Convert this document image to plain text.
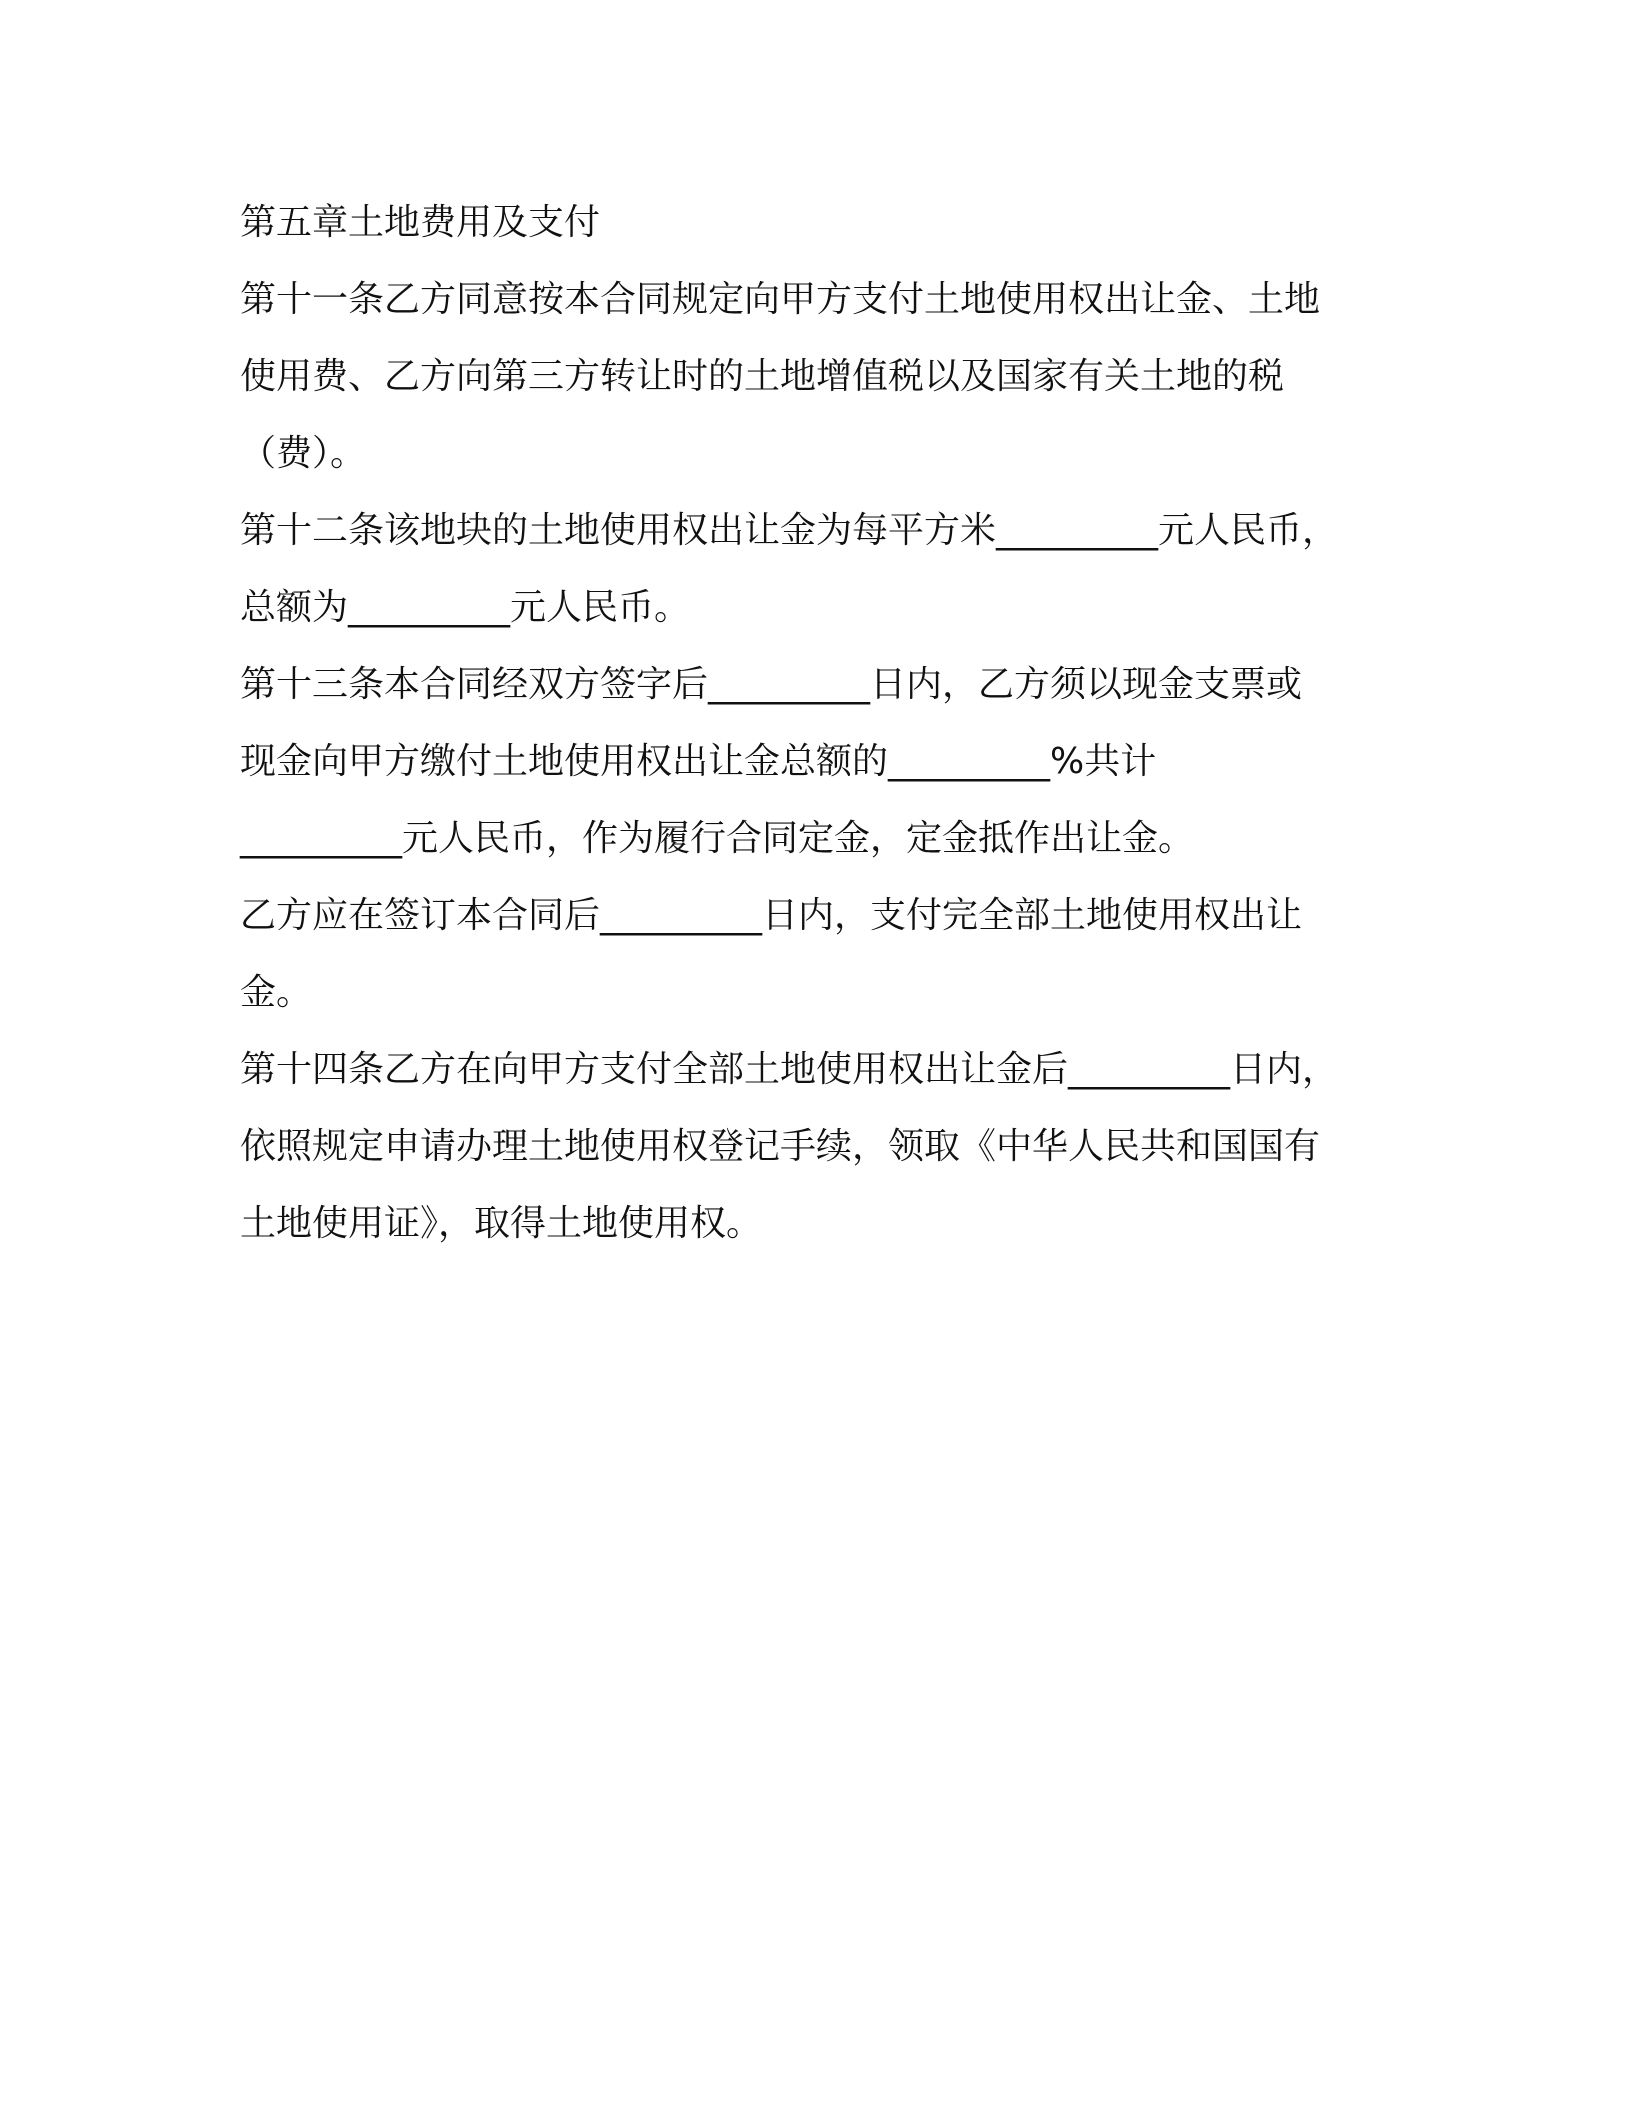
第五章土地费用及支付

第十一条乙方同意按本合同规定向甲方支付土地使用权出让金、土地

使用费、乙方向第三方转让时的土地增值税以及国家有关土地的税

（费）。

第十二条该地块的土地使用权出让金为每平方米_________元人民币，

总额为_________元人民币。

第十三条本合同经双方签字后_________日内，乙方须以现金支票或

现金向甲方缴付土地使用权出让金总额的_________%共计

_________元人民币，作为履行合同定金，定金抵作出让金。

乙方应在签订本合同后_________日内，支付完全部土地使用权出让

金。

第十四条乙方在向甲方支付全部土地使用权出让金后_________日内，

依照规定申请办理土地使用权登记手续，领取《中华人民共和国国有

土地使用证》，取得土地使用权。
